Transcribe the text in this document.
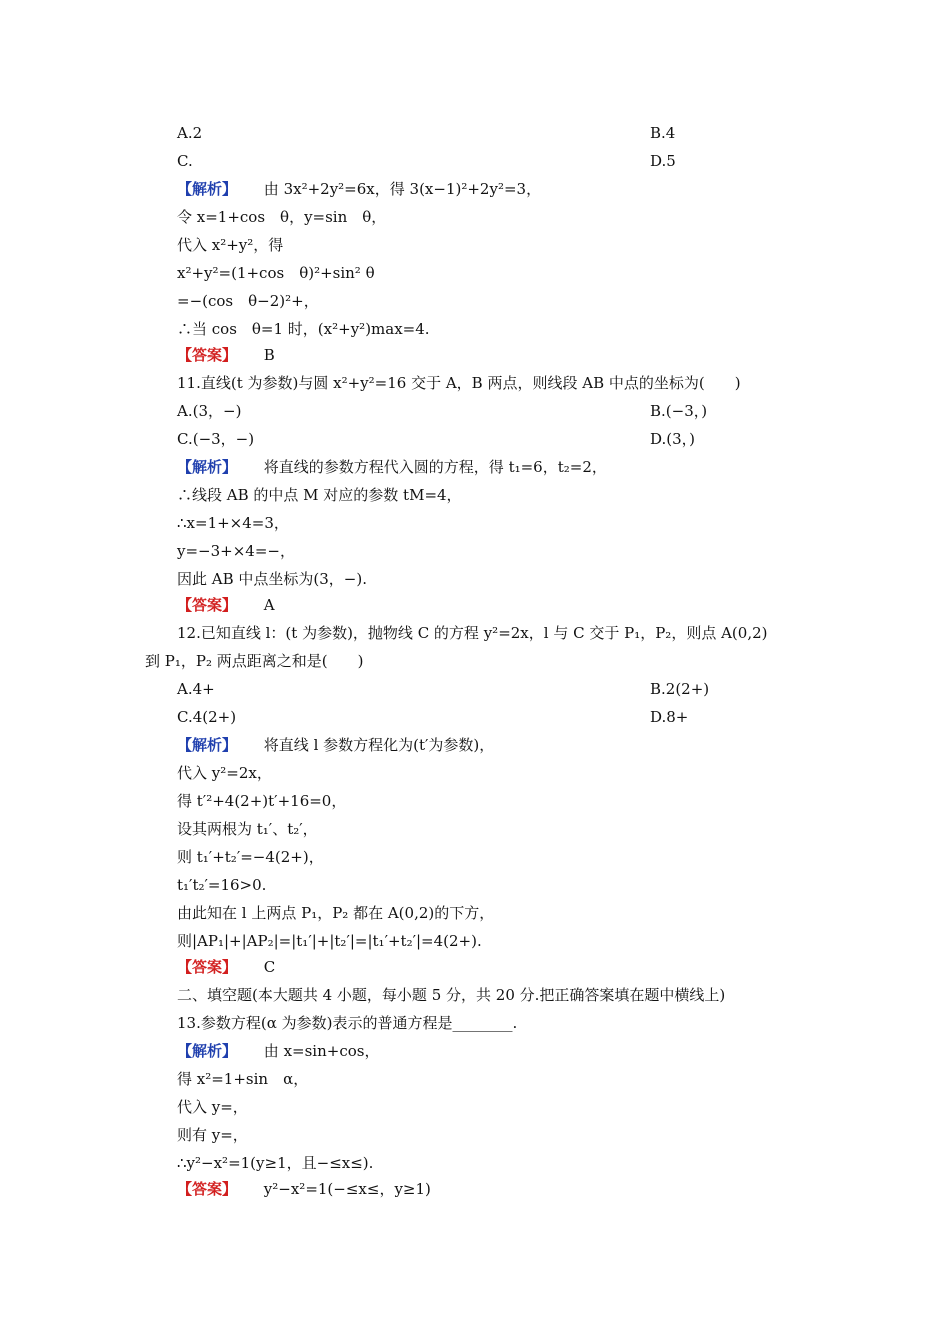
A.2	B.4
C.	D.5
【解析】 由 3x²+2y²=6x，得 3(x−1)²+2y²=3，
令 x=1+cos　θ，y=sin　θ，
代入 x²+y²，得
x²+y²=(1+cos　θ)²+sin² θ
=−(cos　θ−2)²+，
∴当 cos　θ=1 时，(x²+y²)max=4.
【答案】 B
11.直线(t 为参数)与圆 x²+y²=16 交于 A，B 两点，则线段 AB 中点的坐标为(　　)
A.(3，−)	B.(−3，)
C.(−3，−)	D.(3，)
【解析】 将直线的参数方程代入圆的方程，得 t₁=6，t₂=2，
∴线段 AB 的中点 M 对应的参数 tM=4，
∴x=1+×4=3，
y=−3+×4=−，
因此 AB 中点坐标为(3，−).
【答案】 A
12.已知直线 l：(t 为参数)，抛物线 C 的方程 y²=2x，l 与 C 交于 P₁，P₂，则点 A(0,2)
到 P₁，P₂ 两点距离之和是(　　)
A.4+	B.2(2+)
C.4(2+)	D.8+
【解析】 将直线 l 参数方程化为(t′为参数)，
代入 y²=2x，
得 t′²+4(2+)t′+16=0，
设其两根为 t₁′、t₂′，
则 t₁′+t₂′=−4(2+)，
t₁′t₂′=16>0.
由此知在 l 上两点 P₁，P₂ 都在 A(0,2)的下方，
则|AP₁|+|AP₂|=|t₁′|+|t₂′|=|t₁′+t₂′|=4(2+).
【答案】 C
二、填空题(本大题共 4 小题，每小题 5 分，共 20 分.把正确答案填在题中横线上)
13.参数方程(α 为参数)表示的普通方程是________.
【解析】 由 x=sin+cos，
得 x²=1+sin　α，
代入 y=，
则有 y=，
∴y²−x²=1(y≥1，且−≤x≤).
【答案】 y²−x²=1(−≤x≤，y≥1)
